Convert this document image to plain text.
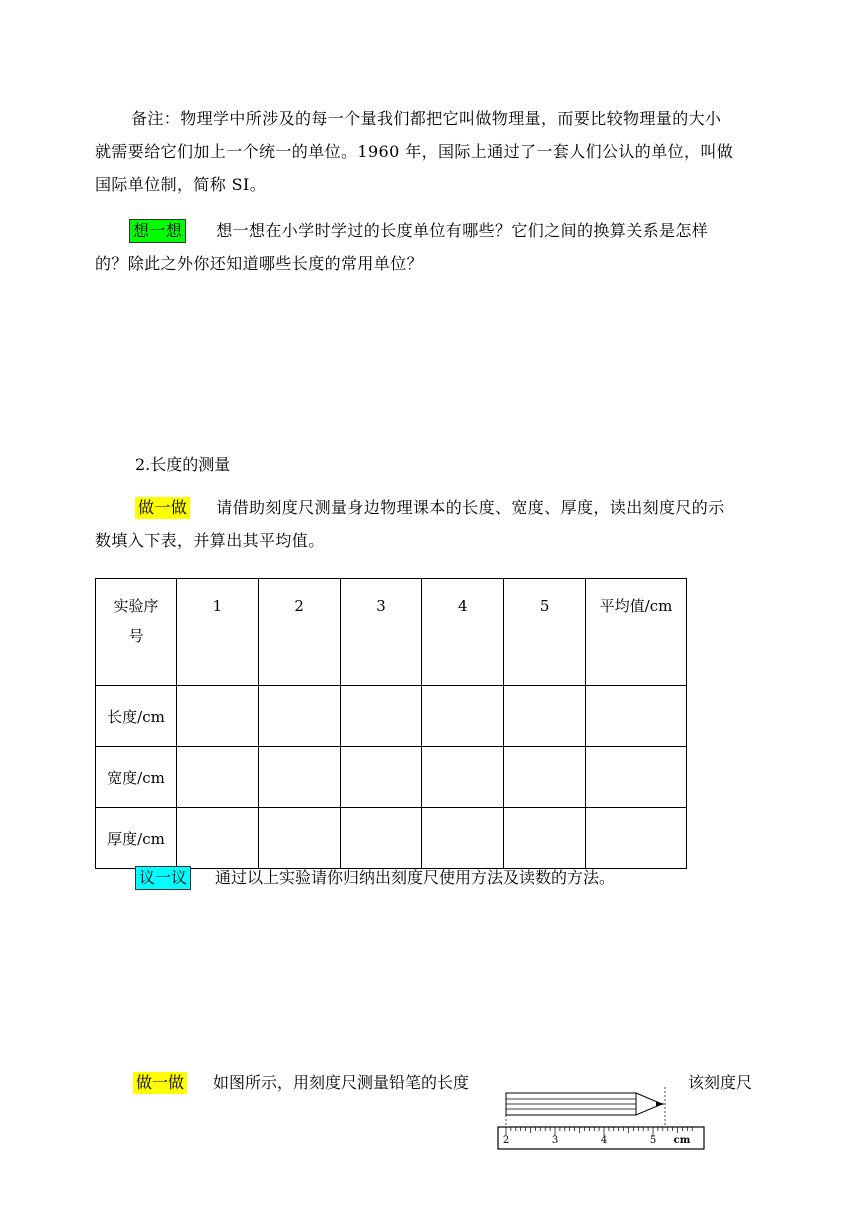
备注：物理学中所涉及的每一个量我们都把它叫做物理量，而要比较物理量的大小
就需要给它们加上一个统一的单位。1960 年，国际上通过了一套人们公认的单位，叫做
国际单位制，简称 SI。
想一想 想一想在小学时学过的长度单位有哪些？它们之间的换算关系是怎样
的？除此之外你还知道哪些长度的常用单位？
2.长度的测量
做一做 请借助刻度尺测量身边物理课本的长度、宽度、厚度，读出刻度尺的示
数填入下表，并算出其平均值。
实验序
号	1	2	3	4	5	平均值/cm
长度/cm						
宽度/cm						
厚度/cm						
议一议 通过以上实验请你归纳出刻度尺使用方法及读数的方法。
做一做 如图所示，用刻度尺测量铅笔的长度	该刻度尺
2	3	4	5 cm
